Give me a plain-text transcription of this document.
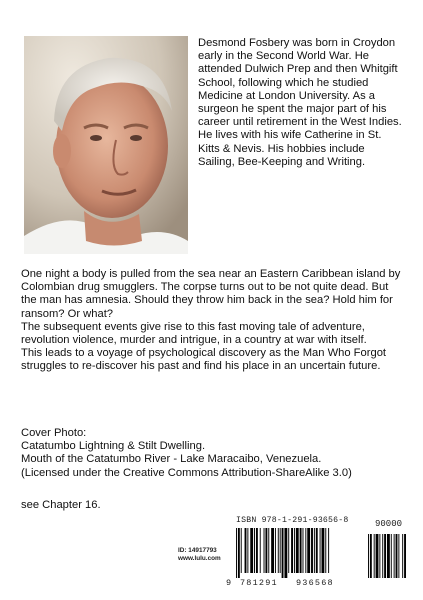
Desmond Fosbery was born in Croydon early in the Second World War. He attended Dulwich Prep and then Whitgift School, following which he studied Medicine at London University. As a surgeon he spent the major part of his career until retirement in the West Indies. He lives with his wife Catherine in St. Kitts & Nevis. His hobbies include Sailing, Bee-Keeping and Writing.

One night a body is pulled from the sea near an Eastern Caribbean island by Colombian drug smugglers. The corpse turns out to be not quite dead. But the man has amnesia. Should they throw him back in the sea? Hold him for ransom? Or what?

The subsequent events give rise to this fast moving tale of adventure, revolution violence, murder and intrigue, in a country at war with itself.

This leads to a voyage of psychological discovery as the Man Who Forgot struggles to re-discover his past and find his place in an uncertain future.

Cover Photo:

Catatumbo Lightning & Stilt Dwelling.

Mouth of the Catatumbo River - Lake Maracaibo, Venezuela.

(Licensed under the Creative Commons Attribution-ShareAlike 3.0)

see Chapter 16.

ID: 14917793
www.lulu.com
ISBN 978-1-291-93656-8	90000
9 781291 936568
